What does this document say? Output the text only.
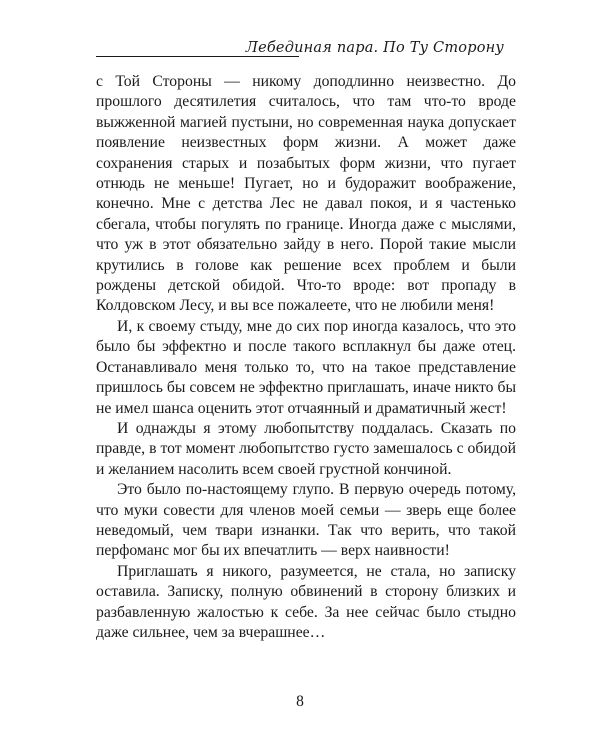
Лебединая пара. По Ту Сторону

с Той Стороны — никому доподлинно неизвестно. До прошлого десятилетия считалось, что там что-то вроде выжженной магией пустыни, но современная наука допускает появление неизвестных форм жизни. А может даже сохранения старых и позабытых форм жизни, что пугает отнюдь не меньше! Пугает, но и будоражит воображение, конечно. Мне с детства Лес не давал покоя, и я частенько сбегала, чтобы погулять по границе. Иногда даже с мыслями, что уж в этот обязательно зайду в него. Порой такие мысли крутились в голове как решение всех проблем и были рождены детской обидой. Что-то вроде: вот пропаду в Колдовском Лесу, и вы все пожалеете, что не любили меня!

И, к своему стыду, мне до сих пор иногда казалось, что это было бы эффектно и после такого всплакнул бы даже отец. Останавливало меня только то, что на такое представление пришлось бы совсем не эффектно приглашать, иначе никто бы не имел шанса оценить этот отчаянный и драматичный жест!

И однажды я этому любопытству поддалась. Сказать по правде, в тот момент любопытство густо замешалось с обидой и желанием насолить всем своей грустной кончиной.

Это было по-настоящему глупо. В первую очередь потому, что муки совести для членов моей семьи — зверь еще более неведомый, чем твари изнанки. Так что верить, что такой перфоманс мог бы их впечатлить — верх наивности!

Приглашать я никого, разумеется, не стала, но записку оставила. Записку, полную обвинений в сторону близких и разбавленную жалостью к себе. За нее сейчас было стыдно даже сильнее, чем за вчерашнее…

8
